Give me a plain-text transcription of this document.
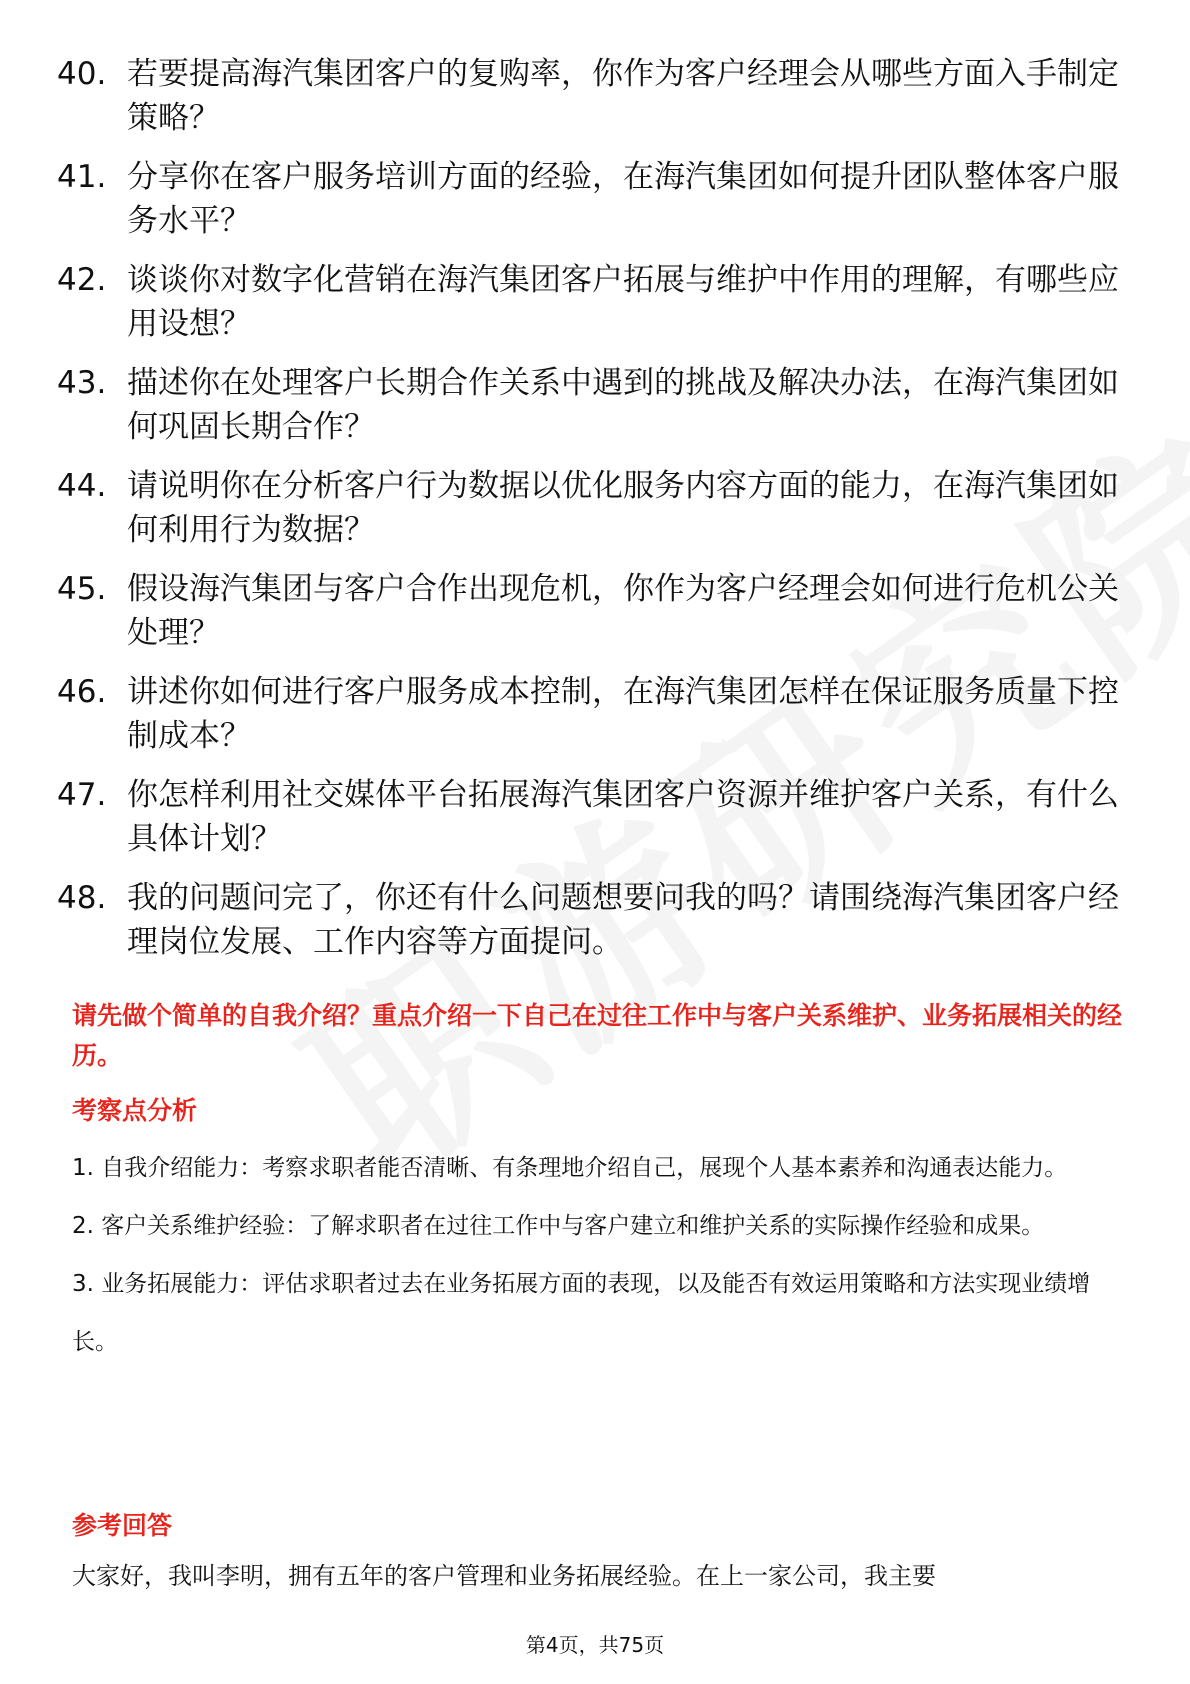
40. 若要提高海汽集团客户的复购率，你作为客户经理会从哪些方面入手制定策略？
41. 分享你在客户服务培训方面的经验，在海汽集团如何提升团队整体客户服务水平？
42. 谈谈你对数字化营销在海汽集团客户拓展与维护中作用的理解，有哪些应用设想？
43. 描述你在处理客户长期合作关系中遇到的挑战及解决办法，在海汽集团如何巩固长期合作？
44. 请说明你在分析客户行为数据以优化服务内容方面的能力，在海汽集团如何利用行为数据？
45. 假设海汽集团与客户合作出现危机，你作为客户经理会如何进行危机公关处理？
46. 讲述你如何进行客户服务成本控制，在海汽集团怎样在保证服务质量下控制成本？
47. 你怎样利用社交媒体平台拓展海汽集团客户资源并维护客户关系，有什么具体计划？
48. 我的问题问完了，你还有什么问题想要问我的吗？请围绕海汽集团客户经理岗位发展、工作内容等方面提问。
请先做个简单的自我介绍？重点介绍一下自己在过往工作中与客户关系维护、业务拓展相关的经历。
考察点分析
1. 自我介绍能力：考察求职者能否清晰、有条理地介绍自己，展现个人基本素养和沟通表达能力。
2. 客户关系维护经验：了解求职者在过往工作中与客户建立和维护关系的实际操作经验和成果。
3. 业务拓展能力：评估求职者过去在业务拓展方面的表现，以及能否有效运用策略和方法实现业绩增长。
参考回答
大家好，我叫李明，拥有五年的客户管理和业务拓展经验。在上一家公司，我主要
第4页，共75页
